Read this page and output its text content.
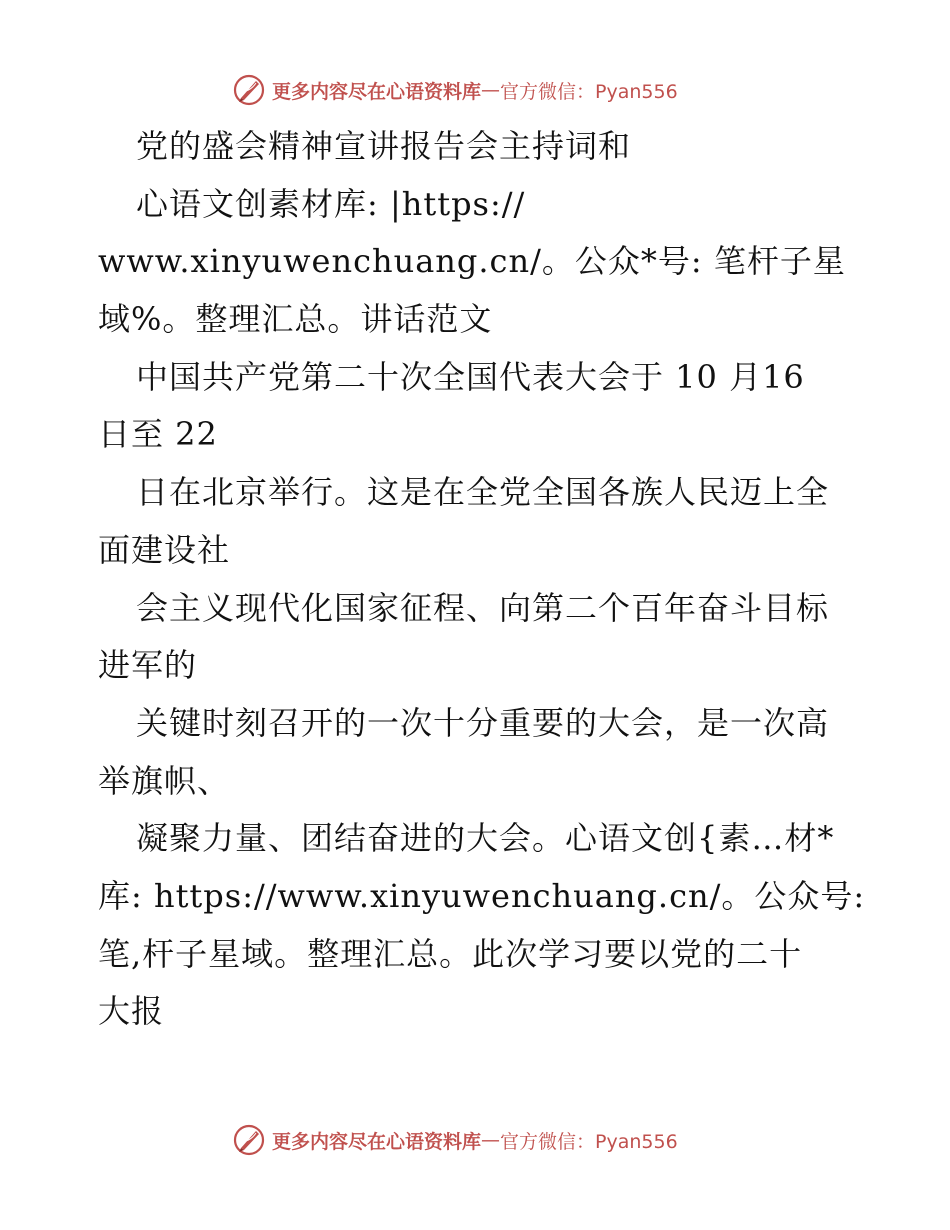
更多内容尽在心语资料库 — 官方微信：Pyan556
党的盛会精神宣讲报告会主持词和
心语文创素材库: |https://
www.xinyuwenchuang.cn/。公众*号: 笔杆子星
域%。整理汇总。讲话范文
中国共产党第二十次全国代表大会于 10 月16
日至 22
日在北京举行。这是在全党全国各族人民迈上全
面建设社
会主义现代化国家征程、向第二个百年奋斗目标
进军的
关键时刻召开的一次十分重要的大会，是一次高
举旗帜、
凝聚力量、团结奋进的大会。心语文创{素…材*
库: https://www.xinyuwenchuang.cn/。公众号:
笔,杆子星域。整理汇总。此次学习要以党的二十
大报
更多内容尽在心语资料库 — 官方微信：Pyan556
